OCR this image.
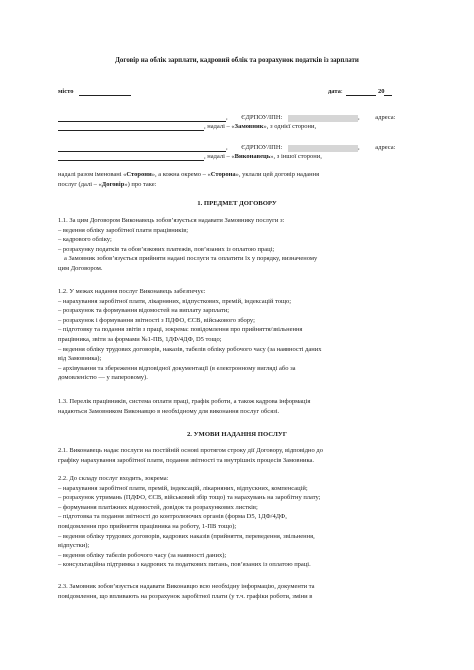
Договір на облік зарплати, кадровий облік та розрахунок податків із зарплати
місто	дата:	20
, ЄДРПОУ/ІПН:	, адреса:
, надалі – «Замовник», з однієї сторони,
, ЄДРПОУ/ІПН:	, адреса:
, надалі – «Виконавець», з іншої сторони,
надалі разом іменовані «Сторони», а кожна окремо – «Сторона», уклали цей договір надання
послуг (далі – «Договір») про таке:
1. ПРЕДМЕТ ДОГОВОРУ
1.1. За цим Договором Виконавець зобов’язується надавати Замовнику послуги з:
– ведення обліку заробітної плати працівників;
– кадрового обліку;
– розрахунку податків та обов’язкових платежів, пов’язаних із оплатою праці;
а Замовник зобов’язується прийняти надані послуги та оплатити їх у порядку, визначеному
цим Договором.
1.2. У межах надання послуг Виконавець забезпечує:
– нарахування заробітної плати, лікарняних, відпусткових, премій, індексацій тощо;
– розрахунок та формування відомостей на виплату зарплати;
– розрахунок і формування звітності з ПДФО, ЄСВ, військового збору;
– підготовку та подання звітів з праці, зокрема: повідомлення про прийняття/звільнення
працівника, звіти за формами №1-ПВ, 1ДФ/4ДФ, D5 тощо;
– ведення обліку трудових договорів, наказів, табелів обліку робочого часу (за наявності даних
від Замовника);
– архівування та збереження відповідної документації (в електронному вигляді або за
домовленістю — у паперовому).
1.3. Перелік працівників, система оплати праці, графік роботи, а також кадрова інформація
надаються Замовником Виконавцю в необхідному для виконання послуг обсязі.
2. УМОВИ НАДАННЯ ПОСЛУГ
2.1. Виконавець надає послуги на постійній основі протягом строку дії Договору, відповідно до
графіку нарахування заробітної плати, подання звітності та внутрішніх процесів Замовника.
2.2. До складу послуг входить, зокрема:
– нарахування заробітної плати, премій, індексацій, лікарняних, відпускних, компенсацій;
– розрахунок утримань (ПДФО, ЄСВ, військовий збір тощо) та нарахувань на заробітну плату;
– формування платіжних відомостей, довідок та розрахункових листків;
– підготовка та подання звітності до контролюючих органів (форма D5, 1ДФ/4ДФ,
повідомлення про прийняття працівника на роботу, 1-ПВ тощо);
– ведення обліку трудових договорів, кадрових наказів (прийняття, переведення, звільнення,
відпустки);
– ведення обліку табелів робочого часу (за наявності даних);
– консультаційна підтримка з кадрових та податкових питань, пов’язаних із оплатою праці.
2.3. Замовник зобов’язується надавати Виконавцю всю необхідну інформацію, документи та
повідомлення, що впливають на розрахунок заробітної плати (у т.ч. графіки роботи, зміни в
